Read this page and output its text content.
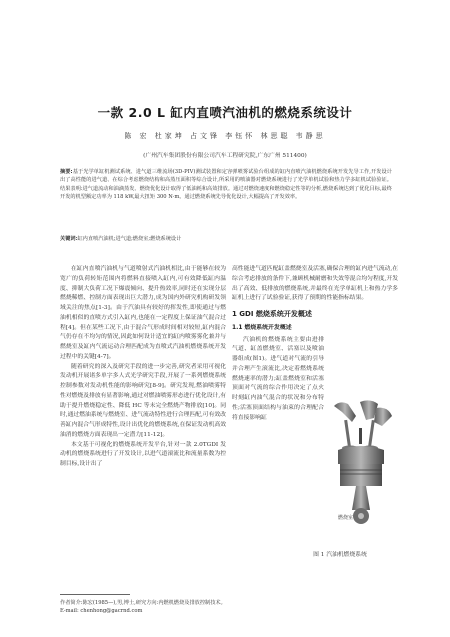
一款 2.0 L 缸内直喷汽油机的燃烧系统设计
陈 宏 杜家坤 占文锋 李钰怀 林思聪 韦静思
(广州汽车集团股份有限公司汽车工程研究院,广东广州 511400)
摘要:基于光学单缸机测试系统、进气道三维流场(3D-PIV)测试装置和定容弹喷雾试验台组成的缸内直喷汽油机燃烧系统开发先导工作,开发设计出了高性能的进气道、在综合考虑燃烧结构和高蒸压面积等综合设计,所采用的喷油器对燃烧系统进行了光学单机试验和热力学多缸机试验验证。结果表明:进气道流动和油滴蒸发、燃烧优化设计取得了低油耗和高效排放。通过对燃烧速度和燃烧稳定性等的分析,燃烧系统达到了优化目标,最终开发的机型额定功率为 118 kW,最大扭矩 300 N·m。通过燃烧系统先导优化设计,大幅提高了开发效率。
关键词:缸内直喷汽油机;进气道;燃烧室;燃烧系统设计

在缸内直喷汽油机与气道喷射式汽油机相比,由于能够在较为宽广的负荷转矩范围内将燃料直接喷入缸内,可有效降低缸内温度、抑制大负荷工况下爆震倾向、提升热效率,同时还在实现分层燃烧稀燃、控制方面表现出巨大潜力,成为国内外研究机构研发领域关注的焦点[1-3]。由于汽油具有较好的挥发性,即使通过与燃油机相似的直喷方式引入缸内,也能在一定程度上保证油气混合过程[4]。但在某些工况下,由于混合气形成时间相对较短,缸内混合气仍存在不均匀的情况,因此如何设计适宜的缸内喷雾雾化兼并与燃烧室及缸内气流运动合理匹配成为直喷式汽油机燃烧系统开发过程中的关键[4-7]。

随着研究的深入及研究手段的进一步完善,研究者采用可视化发动机开展诸多单字多人式光学研究手段,开展了一系列燃烧系统控制参数对发动机性能的影响研究[8-9]。研究发现,燃油喷雾特性对燃烧及排放有显著影响,通过对燃油喷雾形态进行优化设计,有助于提升燃烧稳定性、降低 HC 等未完全燃烧产物排放[10]。同时,通过燃油系统与燃烧室、进气流动特性进行合理匹配,可有效改善缸内混合气形成特性,设计出优化的燃烧系统,在保证发动机高效油消的燃烧方面表现出一定潜力[11-12]。

本文基于可视化的燃烧系统开发平台,针对一款 2.0TGDI 发动机的燃烧系统进行了开发设计,以进气道滚流比和流量系数为控制目标,设计出了

高性能进气道匹配缸盖燃烧室及活塞,确保合理的缸内进气流动,在综合考虑排放的条件下,兼顾机械耐磨和失效等混合均匀程度,开发出了高效、低排放的燃烧系统,并最终在光学单缸机上和热力学多缸机上进行了试验验证,获得了预期的性能指标结果。

1 GDI 燃烧系统开发概述
1.1 燃烧系统开发概述

汽油机的燃烧系统主要由进排气道、缸盖燃烧室、活塞以及喷油器组成(图1)。进气道对气流的引导并合理产生滚流比,决定着燃烧系统燃烧速率的潜力;缸盖燃烧室和活塞顶面对气流的综合作用决定了点火时刻缸内油气混合的状况和分布特性;活塞顶面结构与油束的合理配合将直接影响缸

燃烧室
图 1 汽油机燃烧系统
作者简介:陈宏(1985—),男,博士,研究方向:内燃机燃烧及排放控制技术。
E-mail: chenhong@gacrnd.com
